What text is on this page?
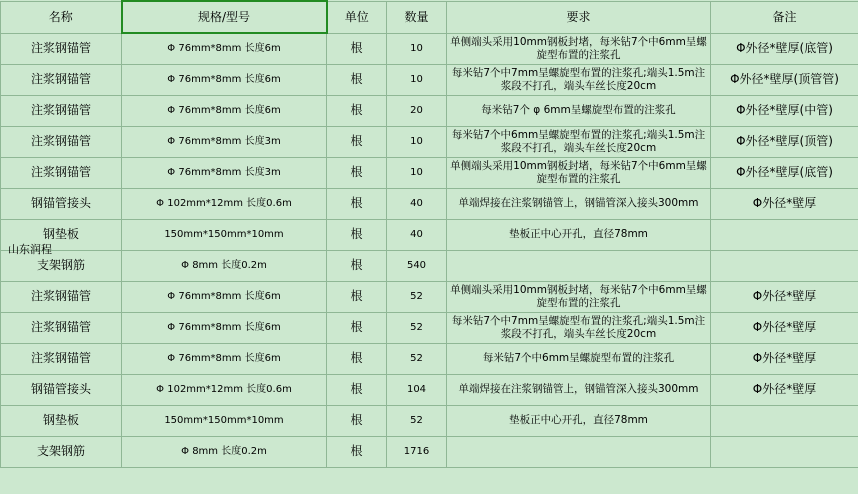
名称	规格/型号	单位	数量	要求	备注
注浆钢锚管	Φ 76mm*8mm 长度6m	根	10	单侧端头采用10mm钢板封堵，每米钻7个中6mm呈螺旋型布置的注浆孔	Φ外径*壁厚(底管)
注浆钢锚管	Φ 76mm*8mm 长度6m	根	10	每米钻7个中7mm呈螺旋型布置的注浆孔;端头1.5m注浆段不打孔，端头车丝长度20cm	Φ外径*壁厚(顶管管)
注浆钢锚管	Φ 76mm*8mm 长度6m	根	20	每米钻7个 φ 6mm呈螺旋型布置的注浆孔	Φ外径*壁厚(中管)
注浆钢锚管	Φ 76mm*8mm 长度3m	根	10	每米钻7个中6mm呈螺旋型布置的注浆孔;端头1.5m注浆段不打孔，端头车丝长度20cm	Φ外径*壁厚(顶管)
注浆钢锚管	Φ 76mm*8mm 长度3m	根	10	单侧端头采用10mm钢板封堵，每米钻7个中6mm呈螺旋型布置的注浆孔	Φ外径*壁厚(底管)
钢锚管接头	Φ 102mm*12mm 长度0.6m	根	40	单端焊接在注浆钢锚管上，钢锚管深入接头300mm	Φ外径*壁厚
钢垫板	150mm*150mm*10mm	根	40	垫板正中心开孔，直径78mm	
支架钢筋	Φ 8mm 长度0.2m	根	540		
注浆钢锚管	Φ 76mm*8mm 长度6m	根	52	单侧端头采用10mm钢板封堵，每米钻7个中6mm呈螺旋型布置的注浆孔	Φ外径*壁厚
注浆钢锚管	Φ 76mm*8mm 长度6m	根	52	每米钻7个中7mm呈螺旋型布置的注浆孔;端头1.5m注浆段不打孔，端头车丝长度20cm	Φ外径*壁厚
注浆钢锚管	Φ 76mm*8mm 长度6m	根	52	每米钻7个中6mm呈螺旋型布置的注浆孔	Φ外径*壁厚
钢锚管接头	Φ 102mm*12mm 长度0.6m	根	104	单端焊接在注浆钢锚管上，钢锚管深入接头300mm	Φ外径*壁厚
钢垫板	150mm*150mm*10mm	根	52	垫板正中心开孔，直径78mm	
支架钢筋	Φ 8mm 长度0.2m	根	1716		
山东润程
